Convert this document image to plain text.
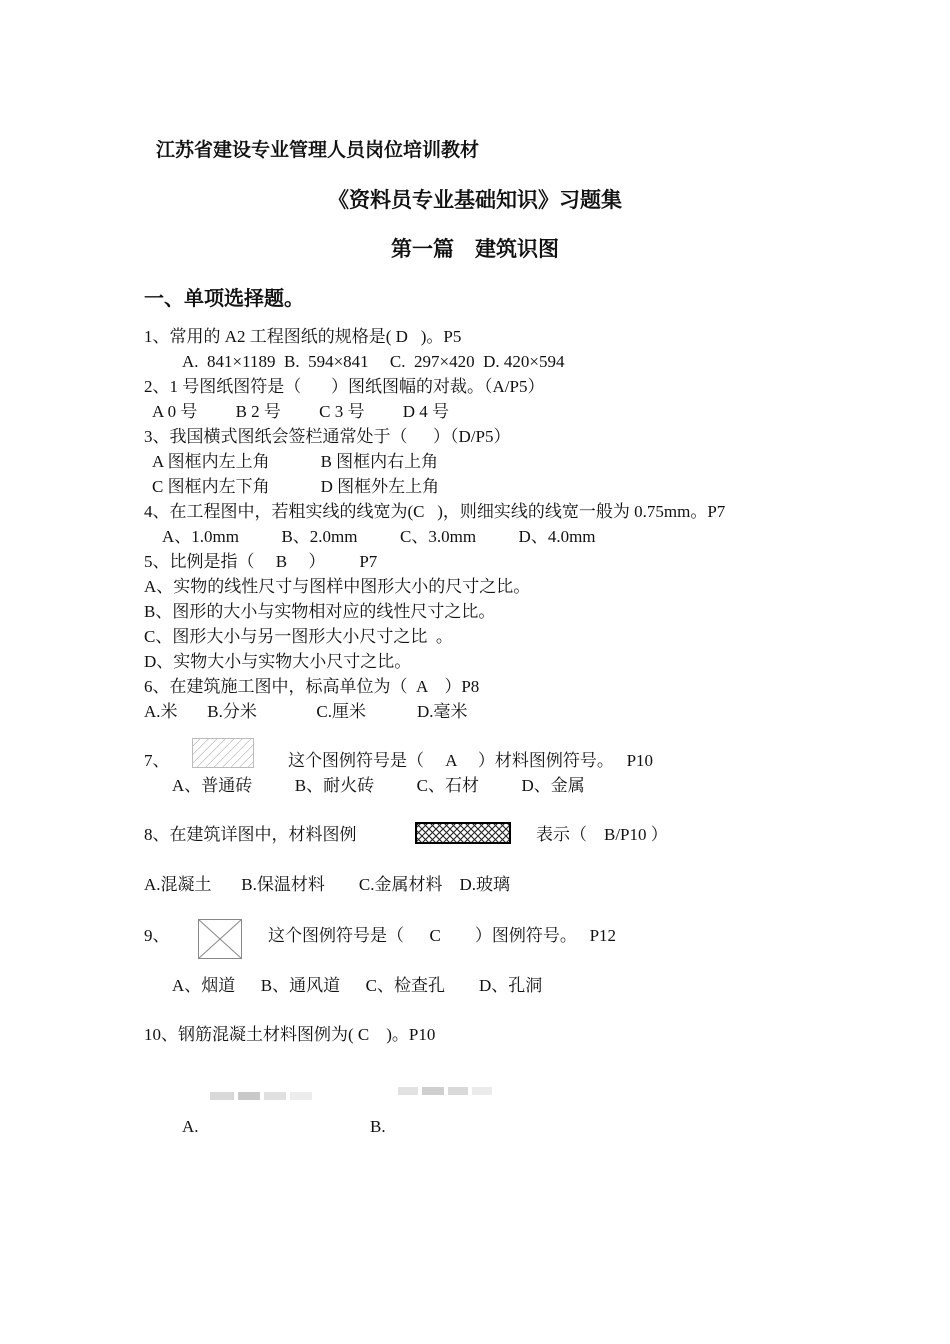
江苏省建设专业管理人员岗位培训教材
《资料员专业基础知识》习题集
第一篇    建筑识图
一、单项选择题。
1、常用的 A2 工程图纸的规格是( D   )。P5
A.  841×1189  B.  594×841     C.  297×420  D. 420×594
2、1 号图纸图符是（       ）图纸图幅的对裁。（A/P5）
A 0 号         B 2 号         C 3 号         D 4 号
3、我国横式图纸会签栏通常处于（      ）（D/P5）
A 图框内左上角            B 图框内右上角
C 图框内左下角            D 图框外左上角
4、在工程图中，若粗实线的线宽为(C   )，则细实线的线宽一般为 0.75mm。P7
A、1.0mm          B、2.0mm          C、3.0mm          D、4.0mm
5、比例是指（     B     ）        P7
A、实物的线性尺寸与图样中图形大小的尺寸之比。
B、图形的大小与实物相对应的线性尺寸之比。
C、图形大小与另一图形大小尺寸之比  。
D、实物大小与实物大小尺寸之比。
6、在建筑施工图中，标高单位为（  A    ）P8
A.米       B.分米              C.厘米            D.毫米
7、	这个图例符号是（     A     ）材料图例符号。   P10
A、普通砖          B、耐火砖          C、石材          D、金属
8、在建筑详图中，材料图例	表示（    B/P10 ）
A.混凝土       B.保温材料        C.金属材料    D.玻璃
9、	这个图例符号是（      C        ）图例符号。   P12
A、烟道      B、通风道      C、检查孔        D、孔洞
10、钢筋混凝土材料图例为( C    )。P10
A.	B.
